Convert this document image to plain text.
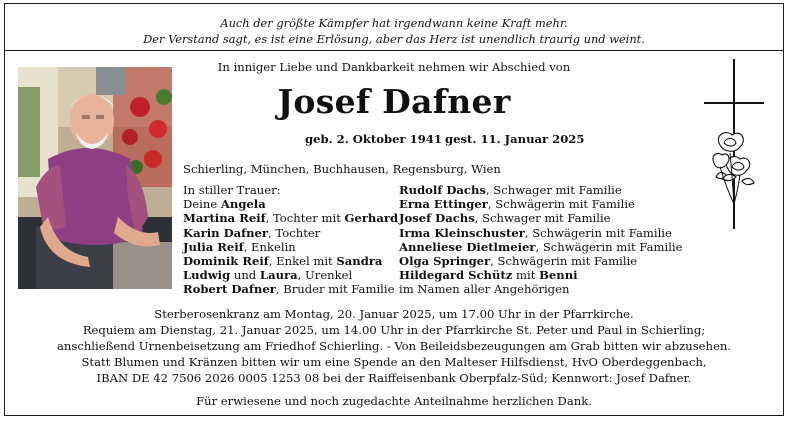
Auch der größte Kämpfer hat irgendwann keine Kraft mehr.
Der Verstand sagt, es ist eine Erlösung, aber das Herz ist unendlich traurig und weint.
In inniger Liebe und Dankbarkeit nehmen wir Abschied von
Josef Dafner
geb. 2. Oktober 1941 gest. 11. Januar 2025
Schierling, München, Buchhausen, Regensburg, Wien
In stiller Trauer:
Deine Angela
Martina Reif, Tochter mit Gerhard
Karin Dafner, Tochter
Julia Reif, Enkelin
Dominik Reif, Enkel mit Sandra
Ludwig und Laura, Urenkel
Robert Dafner, Bruder mit Familie
Rudolf Dachs, Schwager mit Familie
Erna Ettinger, Schwägerin mit Familie
Josef Dachs, Schwager mit Familie
Irma Kleinschuster, Schwägerin mit Familie
Anneliese Dietlmeier, Schwägerin mit Familie
Olga Springer, Schwägerin mit Familie
Hildegard Schütz mit Benni
im Namen aller Angehörigen
Sterberosenkranz am Montag, 20. Januar 2025, um 17.00 Uhr in der Pfarrkirche.
Requiem am Dienstag, 21. Januar 2025, um 14.00 Uhr in der Pfarrkirche St. Peter und Paul in Schierling;
anschließend Urnenbeisetzung am Friedhof Schierling. - Von Beileidsbezeugungen am Grab bitten wir abzusehen.
Statt Blumen und Kränzen bitten wir um eine Spende an den Malteser Hilfsdienst, HvO Oberdeggenbach,
IBAN DE 42 7506 2026 0005 1253 08 bei der Raiffeisenbank Oberpfalz-Süd; Kennwort: Josef Dafner.
Für erwiesene und noch zugedachte Anteilnahme herzlichen Dank.
